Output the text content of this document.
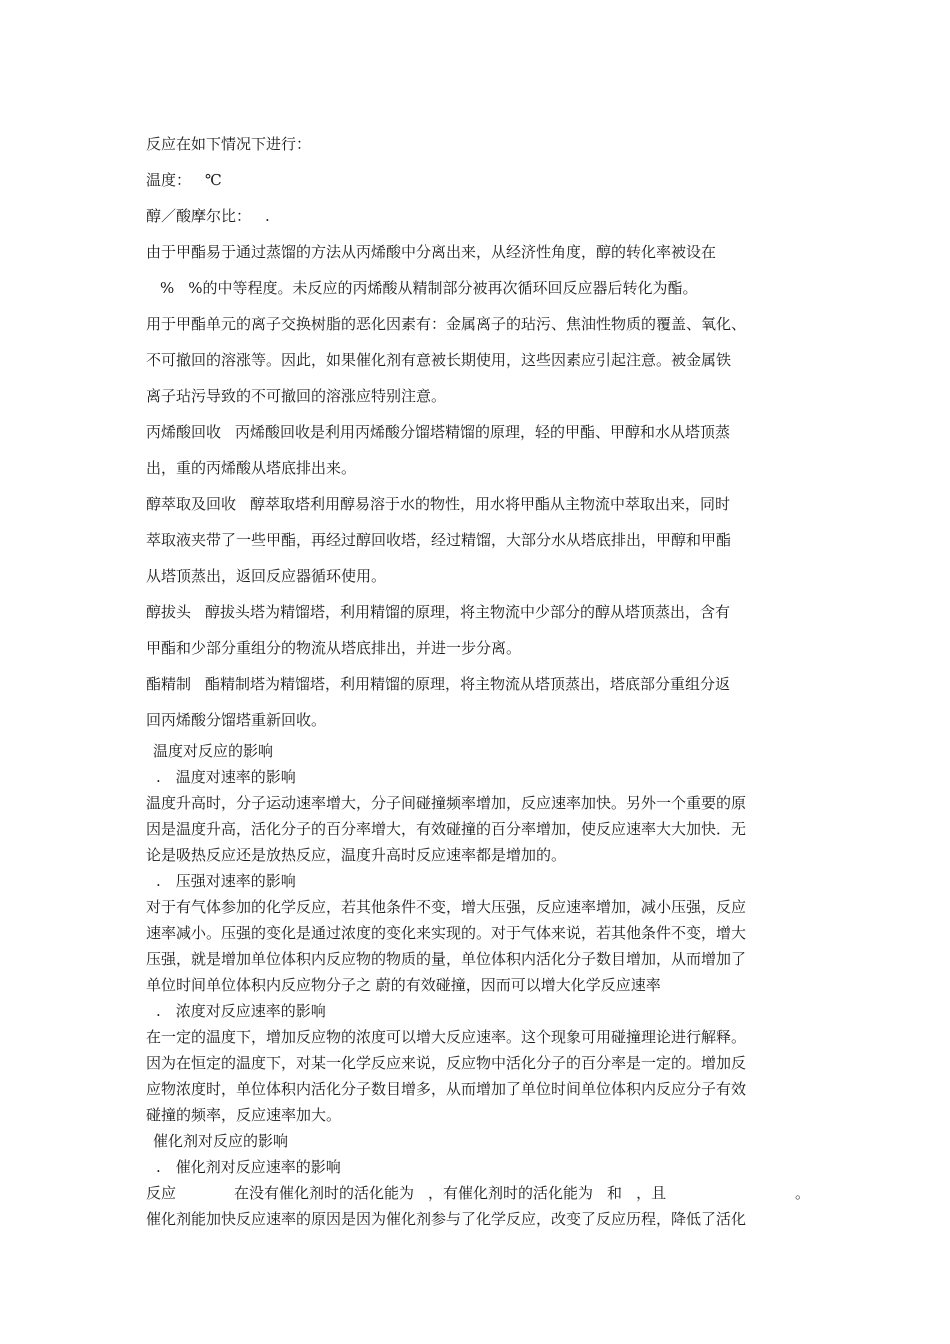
反应在如下情况下进行：

温度： ℃

醇／酸摩尔比： .

由于甲酯易于通过蒸馏的方法从丙烯酸中分离出来，从经济性角度，醇的转化率被设在

% %的中等程度。未反应的丙烯酸从精制部分被再次循环回反应器后转化为酯。

用于甲酯单元的离子交换树脂的恶化因素有：金属离子的玷污、焦油性物质的覆盖、氧化、

不可撤回的溶涨等。因此，如果催化剂有意被长期使用，这些因素应引起注意。被金属铁

离子玷污导致的不可撤回的溶涨应特别注意。

丙烯酸回收 丙烯酸回收是利用丙烯酸分馏塔精馏的原理，轻的甲酯、甲醇和水从塔顶蒸

出，重的丙烯酸从塔底排出来。

醇萃取及回收 醇萃取塔利用醇易溶于水的物性，用水将甲酯从主物流中萃取出来，同时

萃取液夹带了一些甲酯，再经过醇回收塔，经过精馏，大部分水从塔底排出，甲醇和甲酯

从塔顶蒸出，返回反应器循环使用。

醇拔头 醇拔头塔为精馏塔，利用精馏的原理，将主物流中少部分的醇从塔顶蒸出，含有

甲酯和少部分重组分的物流从塔底排出，并进一步分离。

酯精制 酯精制塔为精馏塔，利用精馏的原理，将主物流从塔顶蒸出，塔底部分重组分返

回丙烯酸分馏塔重新回收。

温度对反应的影响

.　温度对速率的影响

温度升高时，分子运动速率增大，分子间碰撞频率增加，反应速率加快。另外一个重要的原

因是温度升高，活化分子的百分率增大，有效碰撞的百分率增加，使反应速率大大加快．无

论是吸热反应还是放热反应，温度升高时反应速率都是增加的。

.　压强对速率的影响

对于有气体参加的化学反应，若其他条件不变，增大压强，反应速率增加，减小压强，反应

速率减小。压强的变化是通过浓度的变化来实现的。对于气体来说，若其他条件不变，增大

压强，就是增加单位体积内反应物的物质的量，单位体积内活化分子数目增加，从而增加了

单位时间单位体积内反应物分子之 蔚的有效碰撞，因而可以增大化学反应速率

.　浓度对反应速率的影响

在一定的温度下，增加反应物的浓度可以增大反应速率。这个现象可用碰撞理论进行解释。

因为在恒定的温度下，对某一化学反应来说，反应物中活化分子的百分率是一定的。增加反

应物浓度时，单位体积内活化分子数目增多，从而增加了单位时间单位体积内反应分子有效

碰撞的频率，反应速率加大。

催化剂对反应的影响

.　催化剂对反应速率的影响

反应	在没有催化剂时的活化能为 ，有催化剂时的活化能为 和 ，且	。

催化剂能加快反应速率的原因是因为催化剂参与了化学反应，改变了反应历程，降低了活化
